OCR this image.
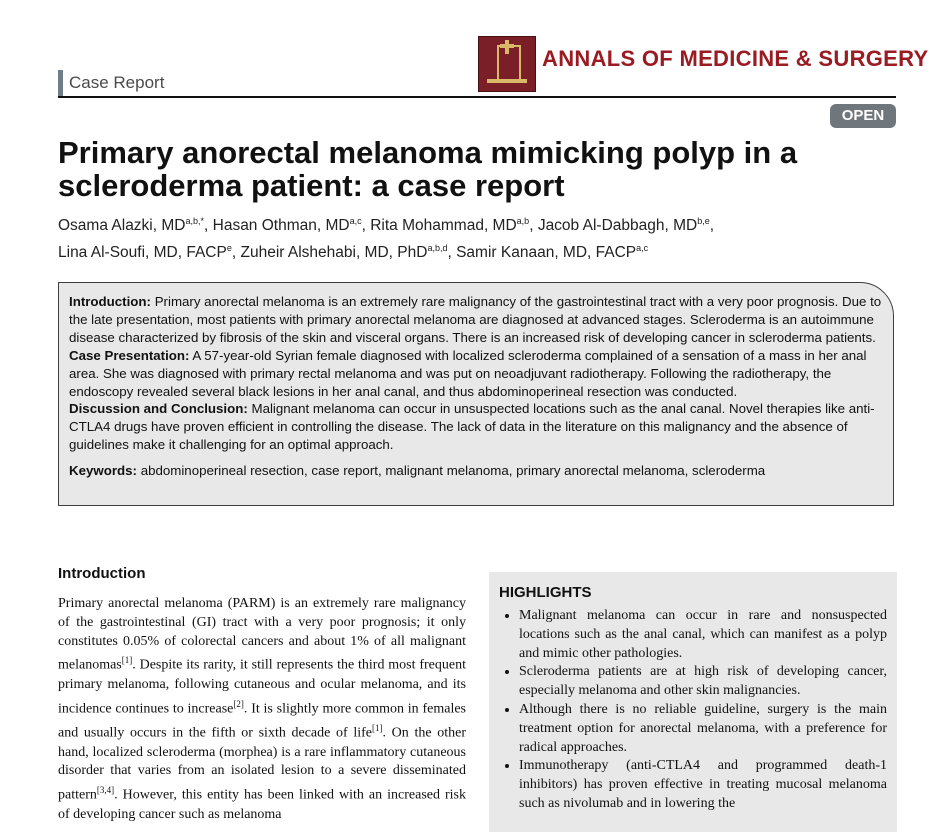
ANNALS OF MEDICINE & SURGERY
Case Report
OPEN
Primary anorectal melanoma mimicking polyp in a scleroderma patient: a case report
Osama Alazki, $MD^{a,b,*}$, Hasan Othman, MD$^{a,c}$, Rita Mohammad, MD$^{a,b}$, Jacob Al-Dabbagh, MD$^{b,e}$,
Lina Al-Soufi, MD, FACP$^e$, Zuheir Alshehabi, MD, PhD$^{a,b,d}$, Samir Kanaan, MD, FACP$^{a,c}$

Introduction: Primary anorectal melanoma is an extremely rare malignancy of the gastrointestinal tract with a very poor prognosis. Due to the late presentation, most patients with primary anorectal melanoma are diagnosed at advanced stages. Scleroderma is an autoimmune disease characterized by fibrosis of the skin and visceral organs. There is an increased risk of developing cancer in scleroderma patients.

Case Presentation: A 57-year-old Syrian female diagnosed with localized scleroderma complained of a sensation of a mass in her anal area. She was diagnosed with primary rectal melanoma and was put on neoadjuvant radiotherapy. Following the radiotherapy, the endoscopy revealed several black lesions in her anal canal, and thus abdominoperineal resection was conducted.

Discussion and Conclusion: Malignant melanoma can occur in unsuspected locations such as the anal canal. Novel therapies like anti-CTLA4 drugs have proven efficient in controlling the disease. The lack of data in the literature on this malignancy and the absence of guidelines make it challenging for an optimal approach.

Keywords: abdominoperineal resection, case report, malignant melanoma, primary anorectal melanoma, scleroderma

Introduction
Primary anorectal melanoma (PARM) is an extremely rare malignancy of the gastrointestinal (GI) tract with a very poor prognosis; it only constitutes 0.05% of colorectal cancers and about 1% of all malignant melanomas[1]. Despite its rarity, it still represents the third most frequent primary melanoma, following cutaneous and ocular melanoma, and its incidence continues to increase[2]. It is slightly more common in females and usually occurs in the fifth or sixth decade of life[1]. On the other hand, localized scleroderma (morphea) is a rare inflammatory cutaneous disorder that varies from an isolated lesion to a severe disseminated pattern[3,4]. However, this entity has been linked with an increased risk of developing cancer such as melanoma
HIGHLIGHTS
• Malignant melanoma can occur in rare and nonsuspected locations such as the anal canal, which can manifest as a polyp and mimic other pathologies.
• Scleroderma patients are at high risk of developing cancer, especially melanoma and other skin malignancies.
• Although there is no reliable guideline, surgery is the main treatment option for anorectal melanoma, with a preference for radical approaches.
• Immunotherapy (anti-CTLA4 and programmed death-1 inhibitors) has proven effective in treating mucosal melanoma such as nivolumab and in lowering the
